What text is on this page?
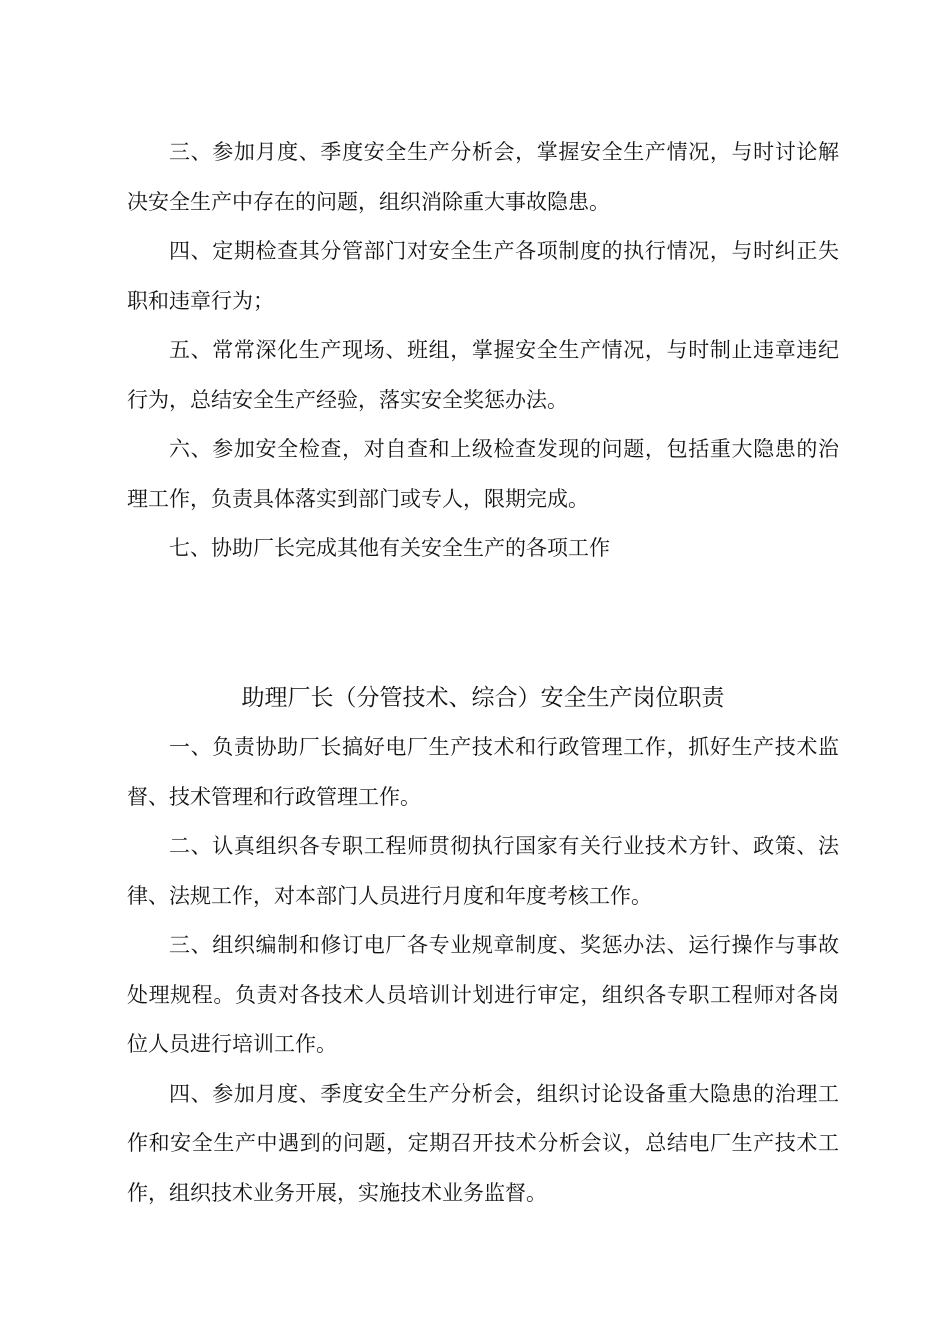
三、参加月度、季度安全生产分析会，掌握安全生产情况，与时讨论解决安全生产中存在的问题，组织消除重大事故隐患。

四、定期检查其分管部门对安全生产各项制度的执行情况，与时纠正失职和违章行为；

五、常常深化生产现场、班组，掌握安全生产情况，与时制止违章违纪行为，总结安全生产经验，落实安全奖惩办法。

六、参加安全检查，对自查和上级检查发现的问题，包括重大隐患的治理工作，负责具体落实到部门或专人，限期完成。

七、协助厂长完成其他有关安全生产的各项工作

助理厂长（分管技术、综合）安全生产岗位职责

一、负责协助厂长搞好电厂生产技术和行政管理工作，抓好生产技术监督、技术管理和行政管理工作。

二、认真组织各专职工程师贯彻执行国家有关行业技术方针、政策、法律、法规工作，对本部门人员进行月度和年度考核工作。

三、组织编制和修订电厂各专业规章制度、奖惩办法、运行操作与事故处理规程。负责对各技术人员培训计划进行审定，组织各专职工程师对各岗位人员进行培训工作。

四、参加月度、季度安全生产分析会，组织讨论设备重大隐患的治理工作和安全生产中遇到的问题，定期召开技术分析会议，总结电厂生产技术工作，组织技术业务开展，实施技术业务监督。
